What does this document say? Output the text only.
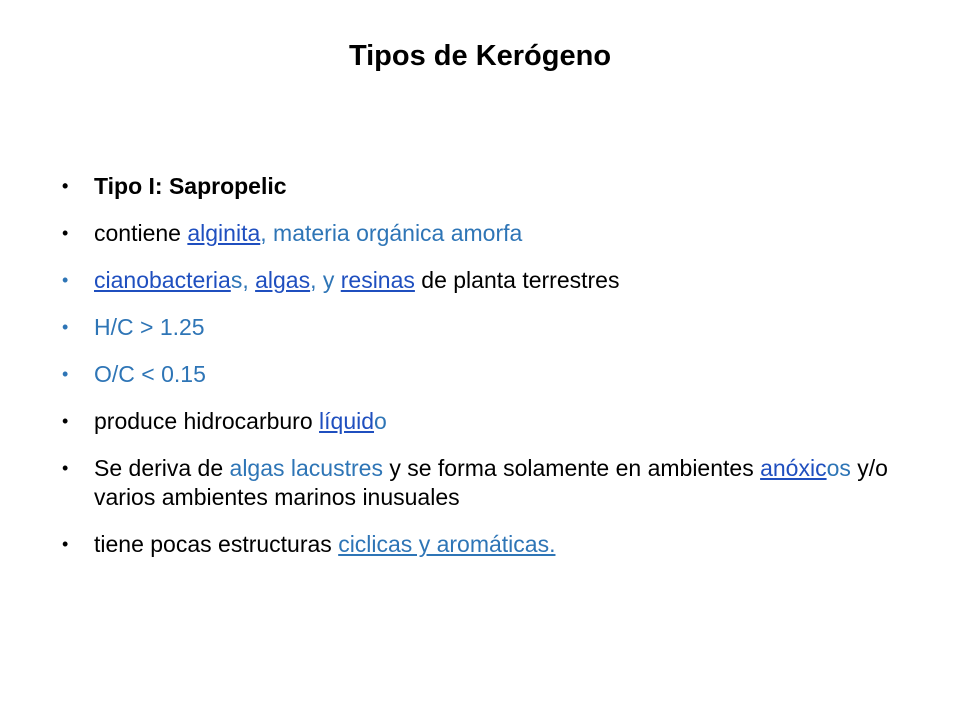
Tipos de Kerógeno
• Tipo I: Sapropelic
• contiene alginita, materia orgánica amorfa
• cianobacterias, algas, y resinas de planta terrestres
• H/C > 1.25
• O/C < 0.15
• produce hidrocarburo líquido
• Se deriva de algas lacustres y se forma solamente en ambientes anóxicos y/o varios ambientes marinos inusuales
• tiene pocas estructuras ciclicas y aromáticas.
